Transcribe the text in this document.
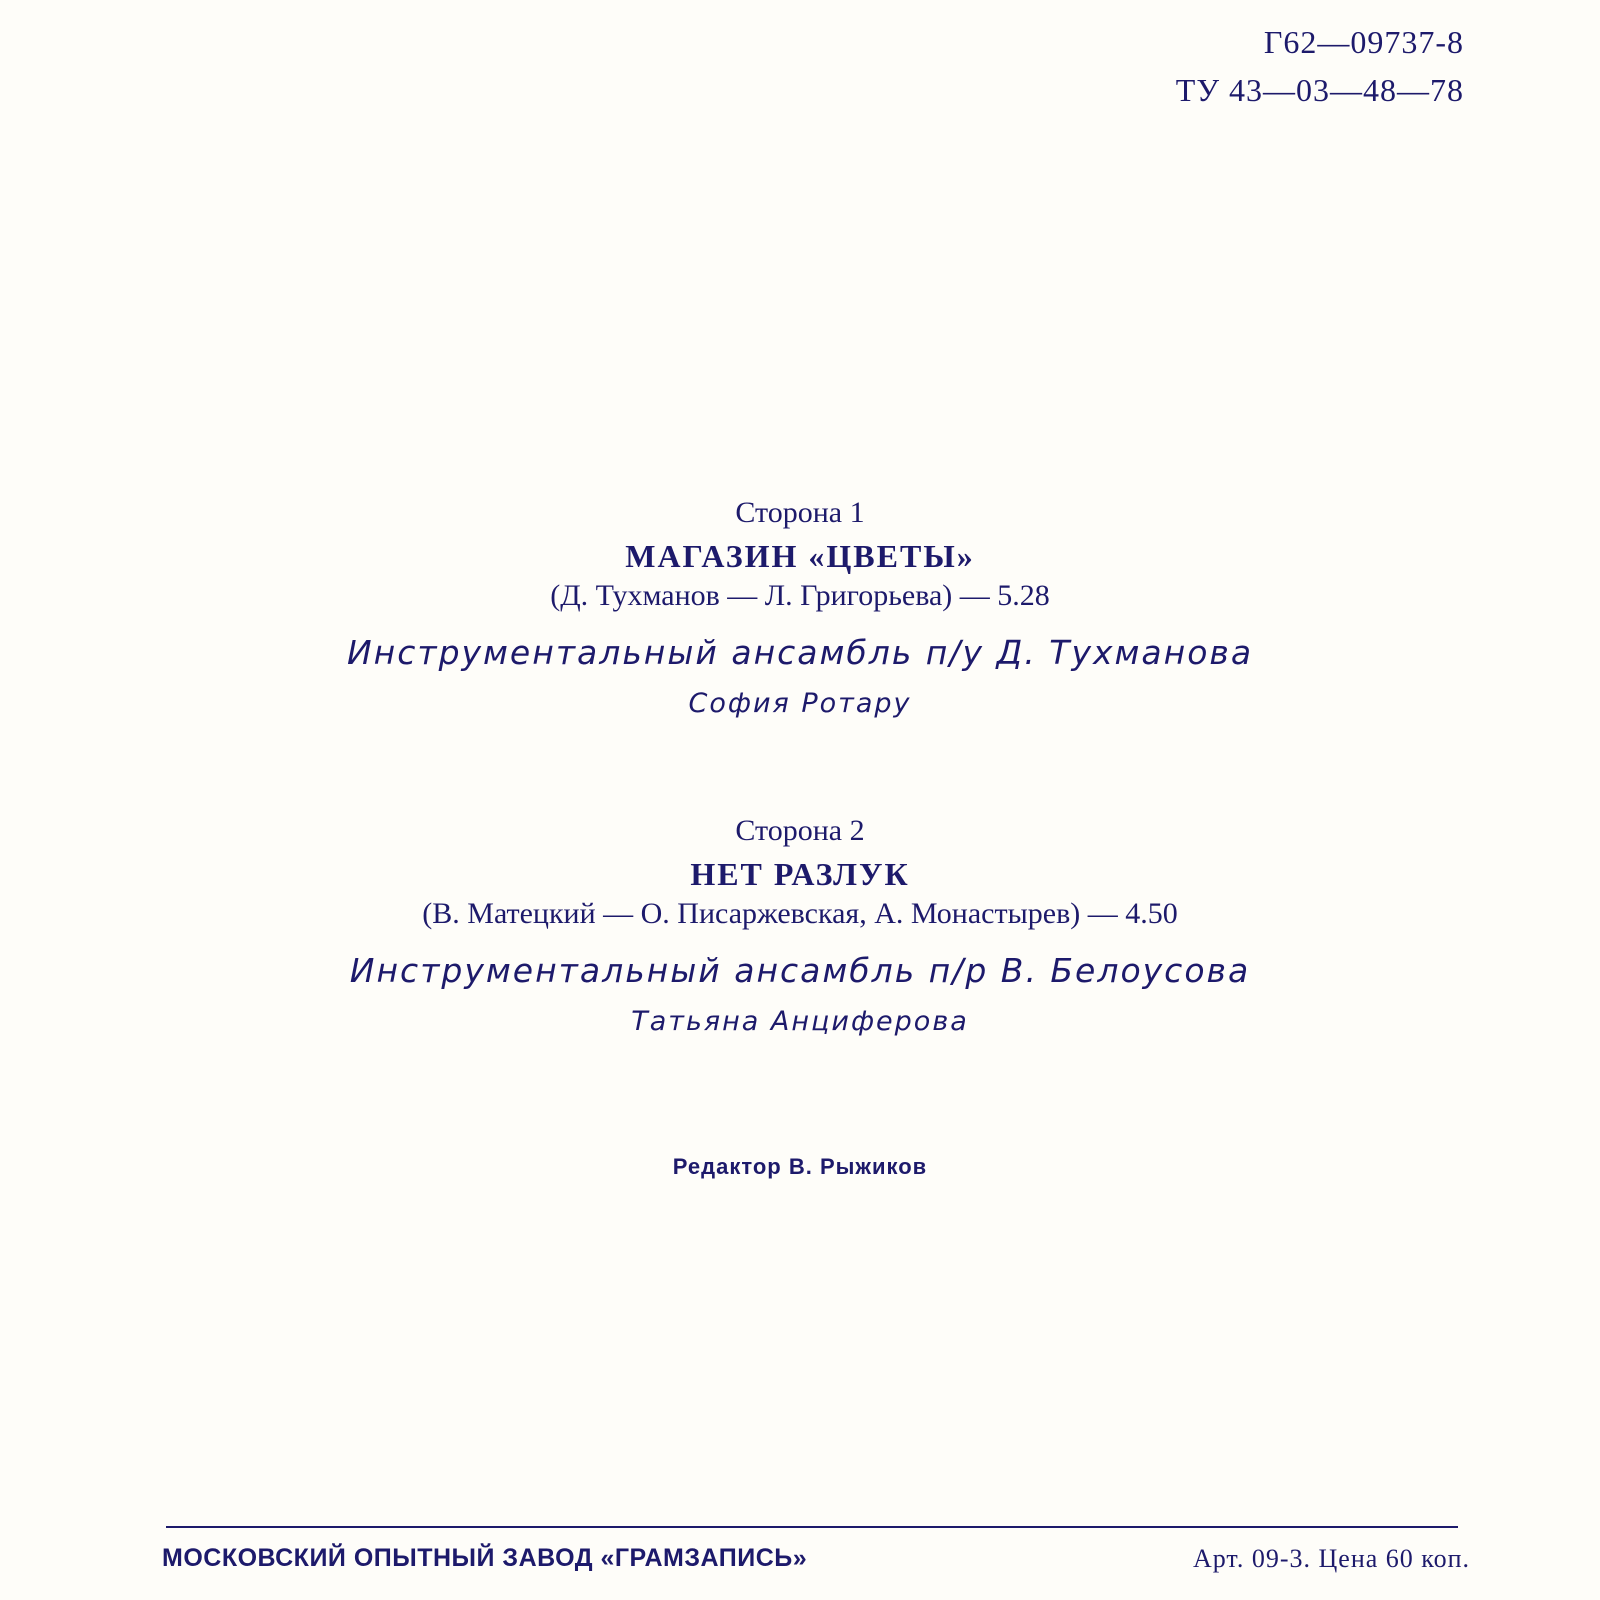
Г62—09737-8
ТУ 43—03—48—78
Сторона 1
МАГАЗИН «ЦВЕТЫ»
(Д. Тухманов — Л. Григорьева) — 5.28
Инструментальный ансамбль п/у Д. Тухманова
София Ротару
Сторона 2
НЕТ РАЗЛУК
(В. Матецкий — О. Писаржевская, А. Монастырев) — 4.50
Инструментальный ансамбль п/р В. Белоусова
Татьяна Анциферова
Редактор В. Рыжиков
МОСКОВСКИЙ ОПЫТНЫЙ ЗАВОД «ГРАМЗАПИСЬ»	Арт. 09-3. Цена 60 коп.
